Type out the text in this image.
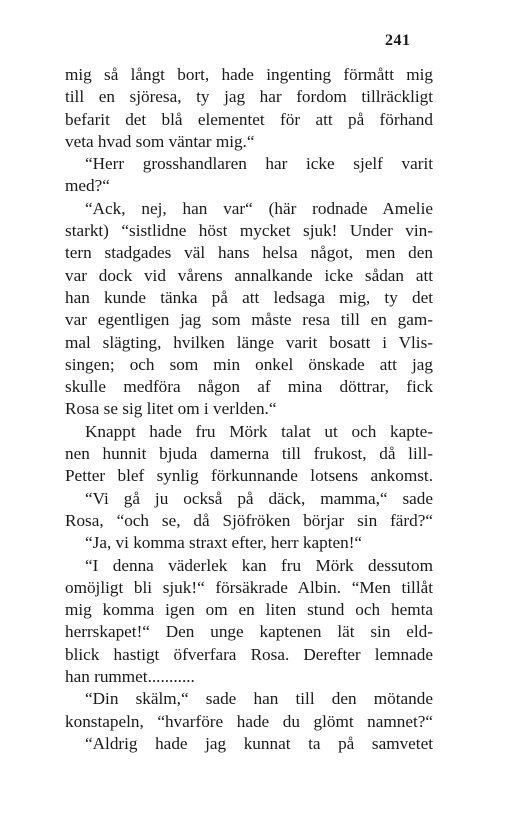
241
mig så långt bort, hade ingenting förmått mig
till en sjöresa, ty jag har fordom tillräckligt
befarit det blå elementet för att på förhand
veta hvad som väntar mig.“
“Herr grosshandlaren har icke sjelf varit
med?“
“Ack, nej, han var“ (här rodnade Amelie
starkt) “sistlidne höst mycket sjuk! Under vin-
tern stadgades väl hans helsa något, men den
var dock vid vårens annalkande icke sådan att
han kunde tänka på att ledsaga mig, ty det
var egentligen jag som måste resa till en gam-
mal slägting, hvilken länge varit bosatt i Vlis-
singen; och som min onkel önskade att jag
skulle medföra någon af mina döttrar, fick
Rosa se sig litet om i verlden.“
Knappt hade fru Mörk talat ut och kapte-
nen hunnit bjuda damerna till frukost, då lill-
Petter blef synlig förkunnande lotsens ankomst.
“Vi gå ju också på däck, mamma,“ sade
Rosa, “och se, då Sjöfröken börjar sin färd?“
“Ja, vi komma straxt efter, herr kapten!“
“I denna väderlek kan fru Mörk dessutom
omöjligt bli sjuk!“ försäkrade Albin. “Men tillåt
mig komma igen om en liten stund och hemta
herrskapet!“ Den unge kaptenen lät sin eld-
blick hastigt öfverfara Rosa. Derefter lemnade
han rummet...........
“Din skälm,“ sade han till den mötande
konstapeln, “hvarföre hade du glömt namnet?“
“Aldrig hade jag kunnat ta på samvetet
